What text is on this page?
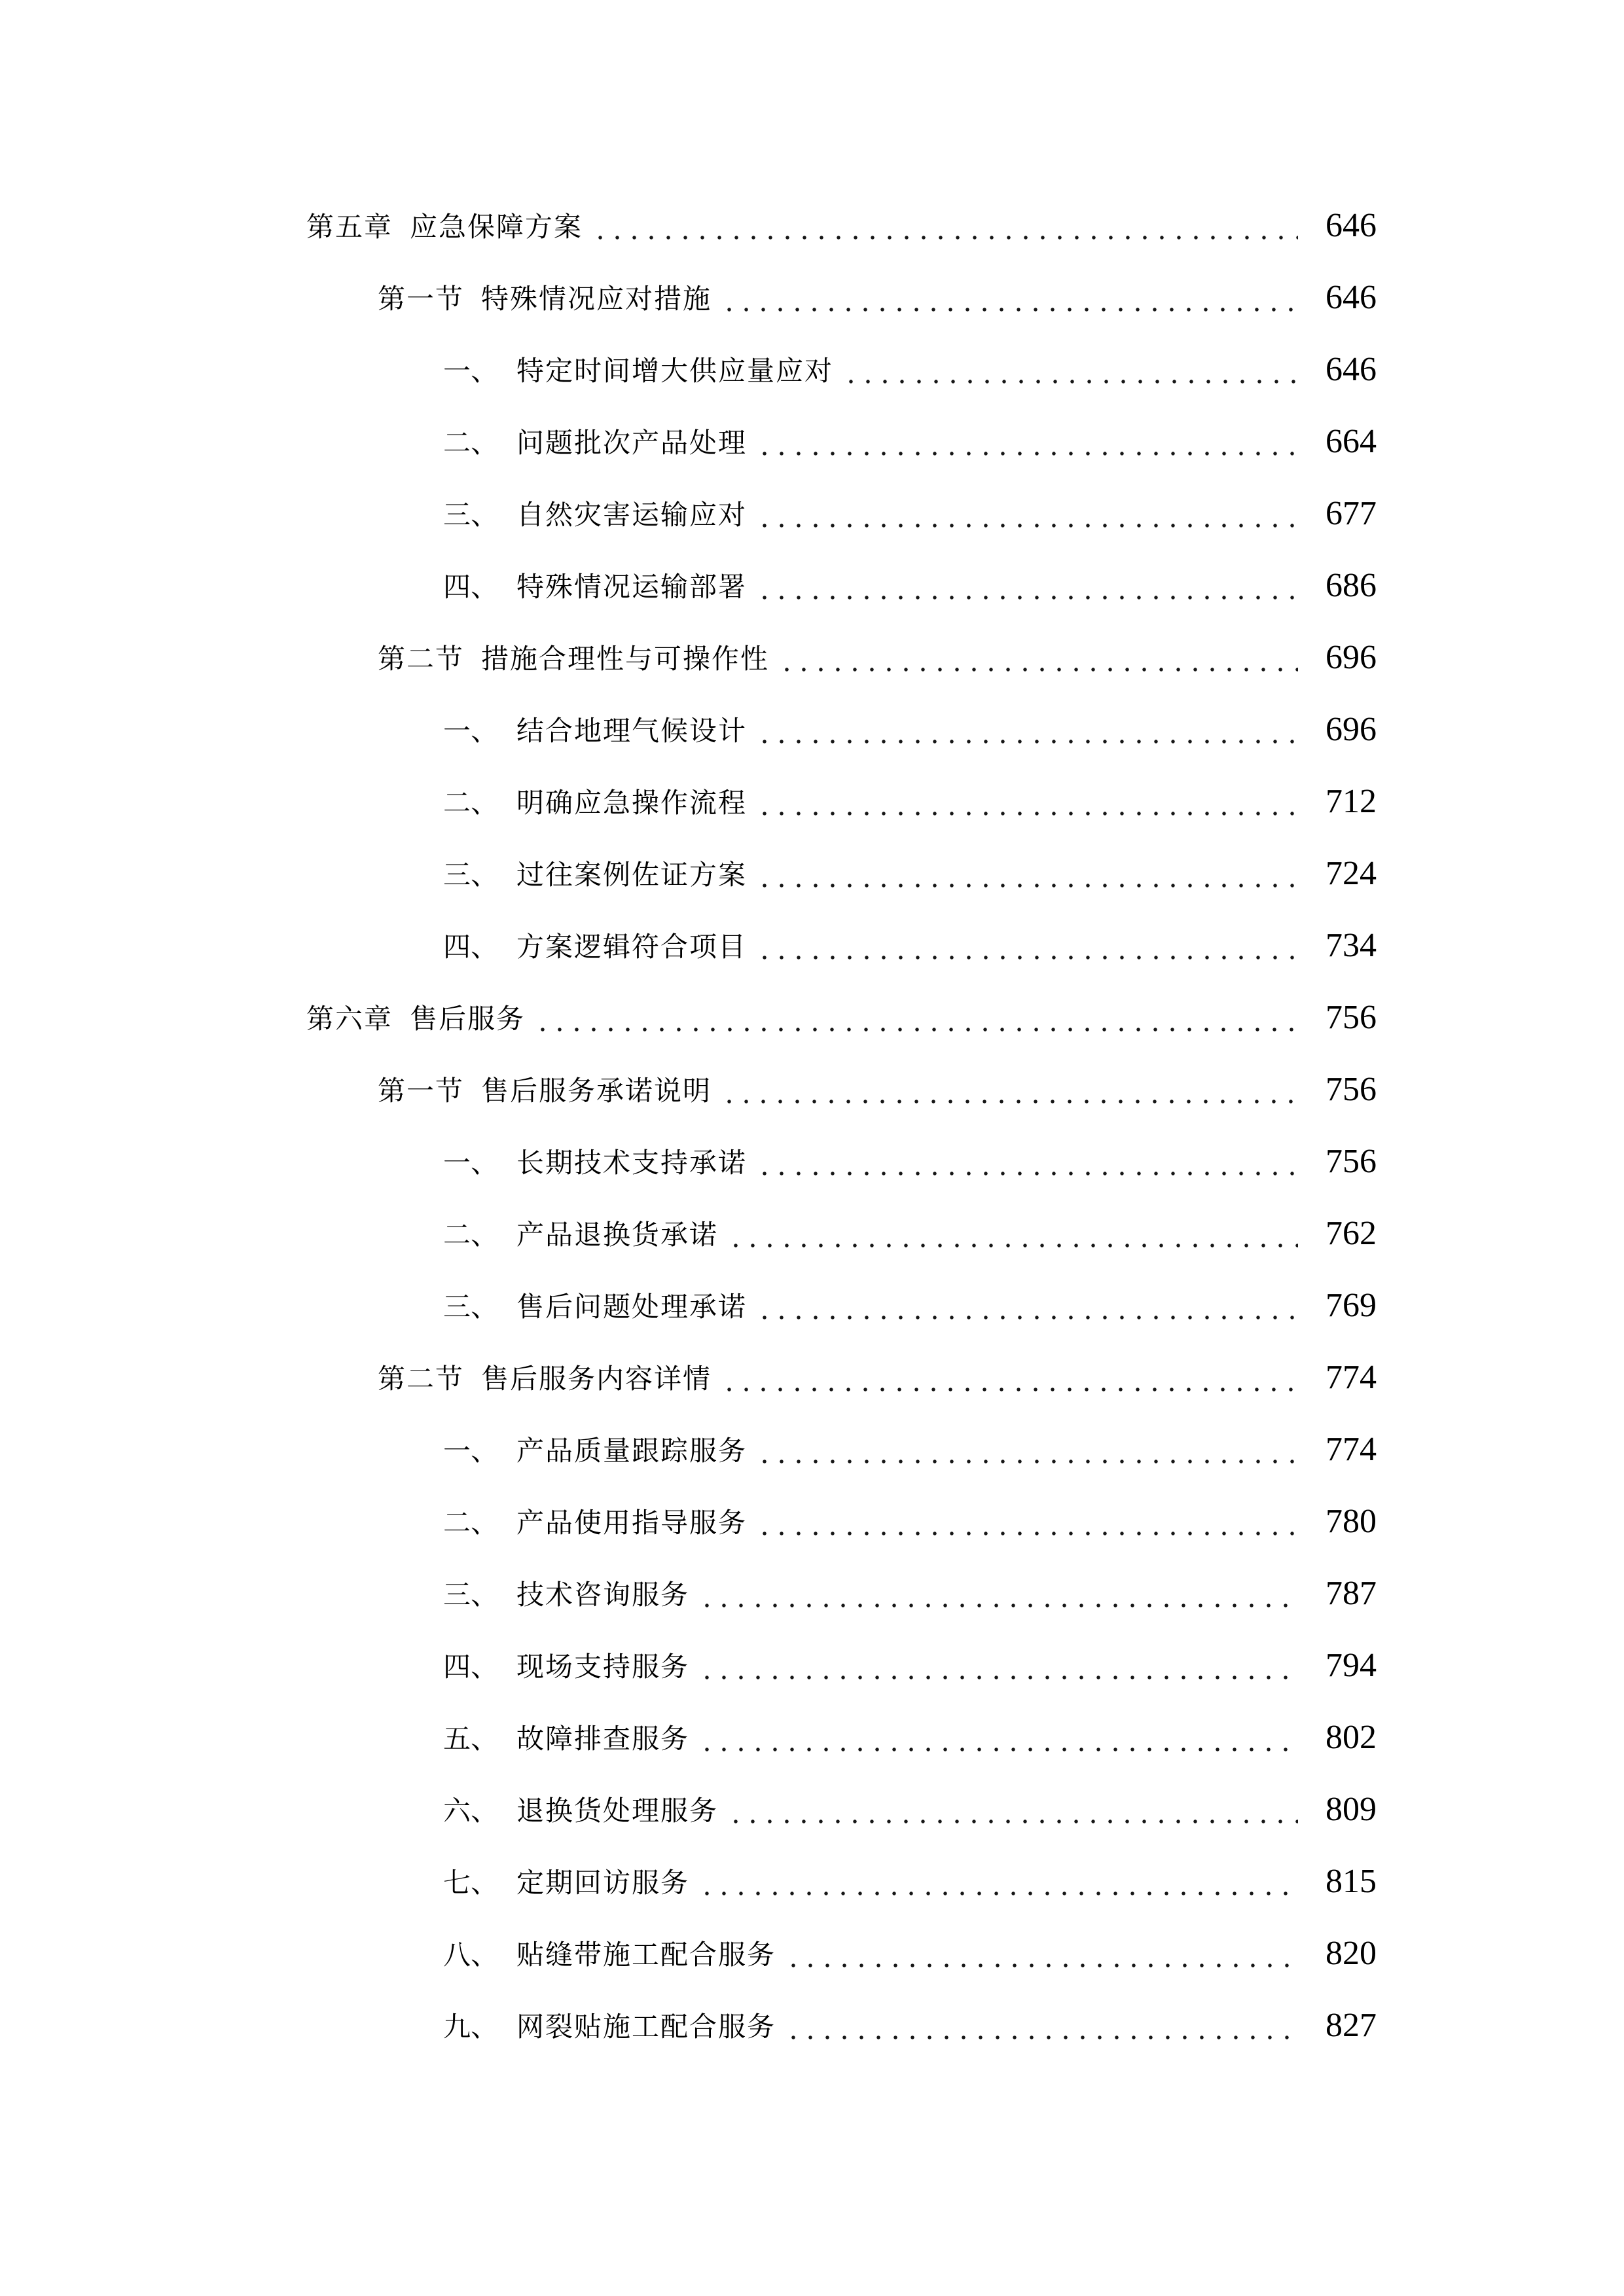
第五章 应急保障方案	646
第一节 特殊情况应对措施	646
一、 特定时间增大供应量应对	646
二、 问题批次产品处理	664
三、 自然灾害运输应对	677
四、 特殊情况运输部署	686
第二节 措施合理性与可操作性	696
一、 结合地理气候设计	696
二、 明确应急操作流程	712
三、 过往案例佐证方案	724
四、 方案逻辑符合项目	734
第六章 售后服务	756
第一节 售后服务承诺说明	756
一、 长期技术支持承诺	756
二、 产品退换货承诺	762
三、 售后问题处理承诺	769
第二节 售后服务内容详情	774
一、 产品质量跟踪服务	774
二、 产品使用指导服务	780
三、 技术咨询服务	787
四、 现场支持服务	794
五、 故障排查服务	802
六、 退换货处理服务	809
七、 定期回访服务	815
八、 贴缝带施工配合服务	820
九、 网裂贴施工配合服务	827
